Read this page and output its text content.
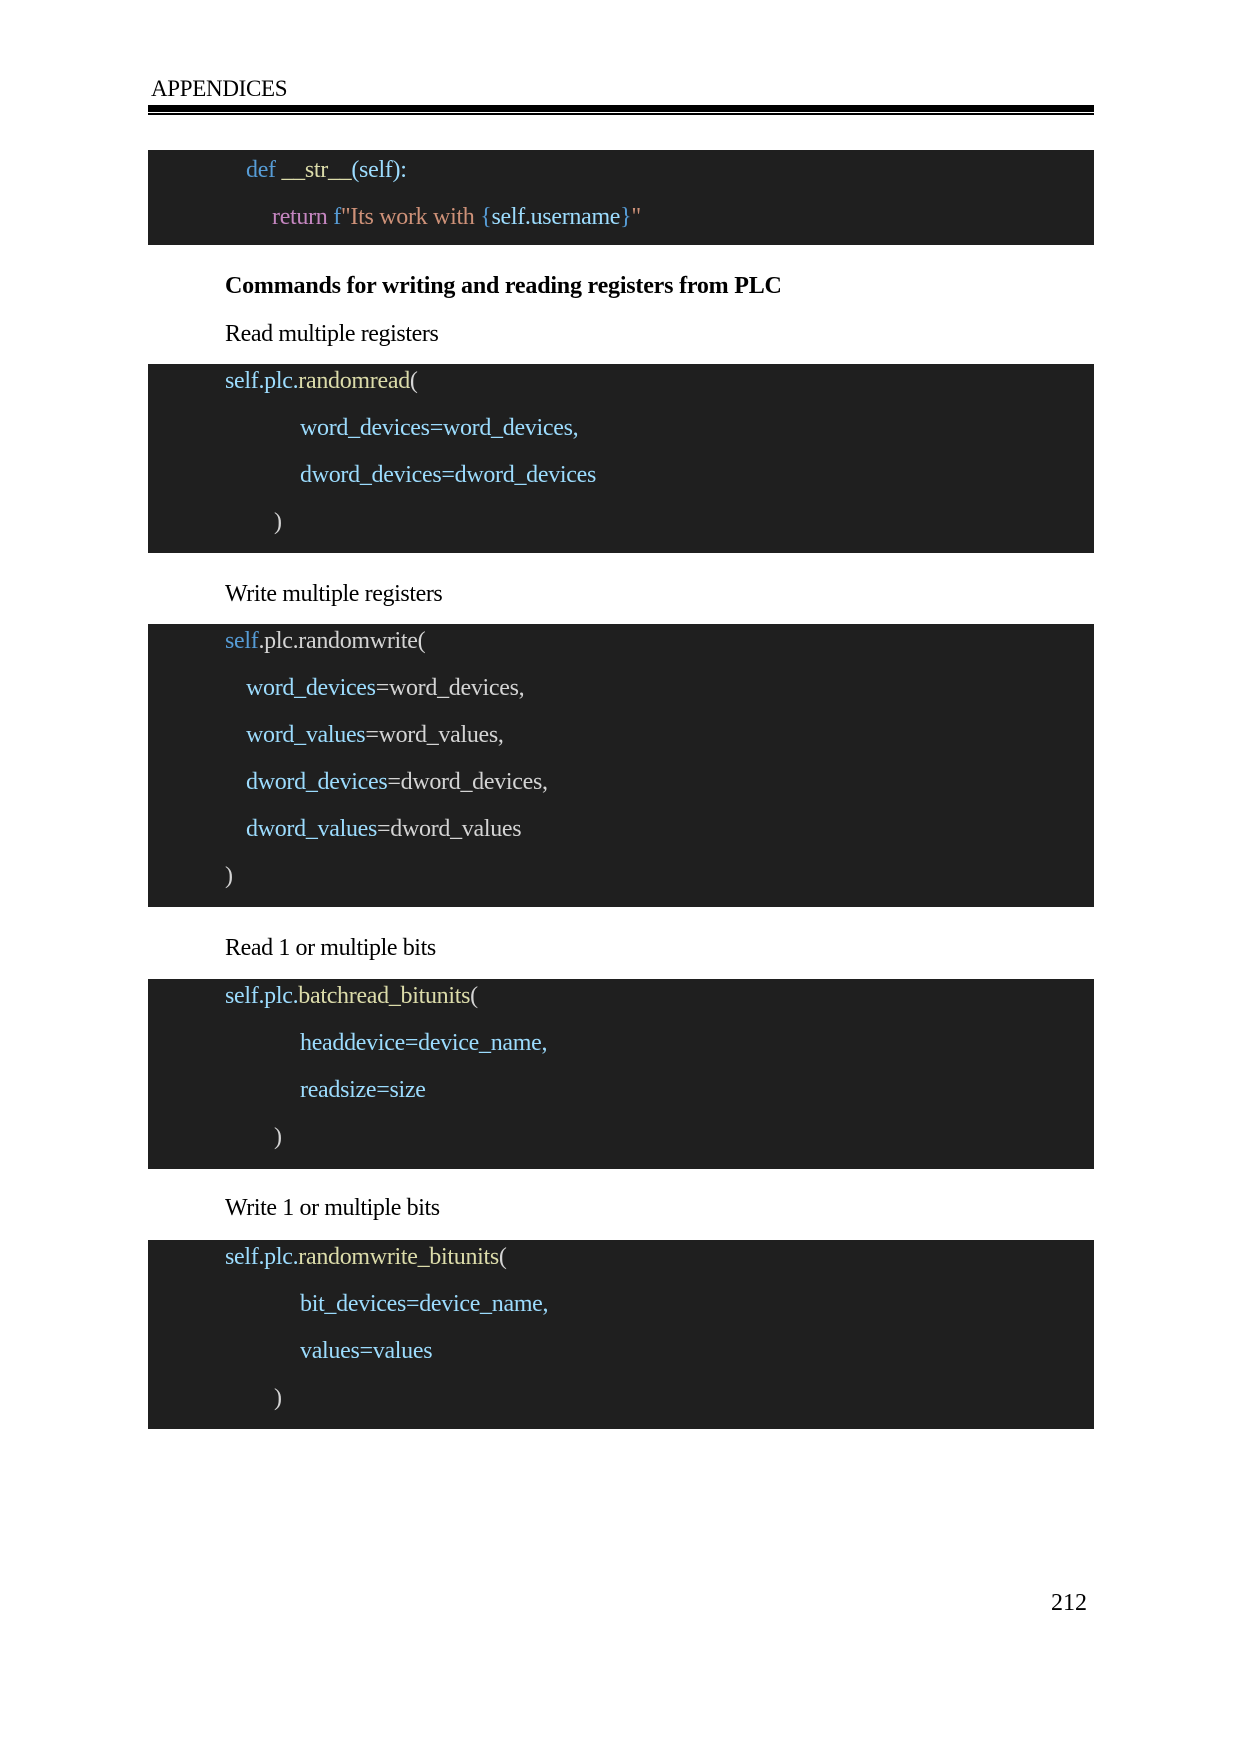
APPENDICES
def __str__(self):
return f"Its work with {self.username}"
Commands for writing and reading registers from PLC
Read multiple registers
self.plc.randomread(
word_devices=word_devices,
dword_devices=dword_devices
)
Write multiple registers
self.plc.randomwrite(
word_devices=word_devices,
word_values=word_values,
dword_devices=dword_devices,
dword_values=dword_values
)
Read 1 or multiple bits
self.plc.batchread_bitunits(
headdevice=device_name,
readsize=size
)
Write 1 or multiple bits
self.plc.randomwrite_bitunits(
bit_devices=device_name,
values=values
)
212
